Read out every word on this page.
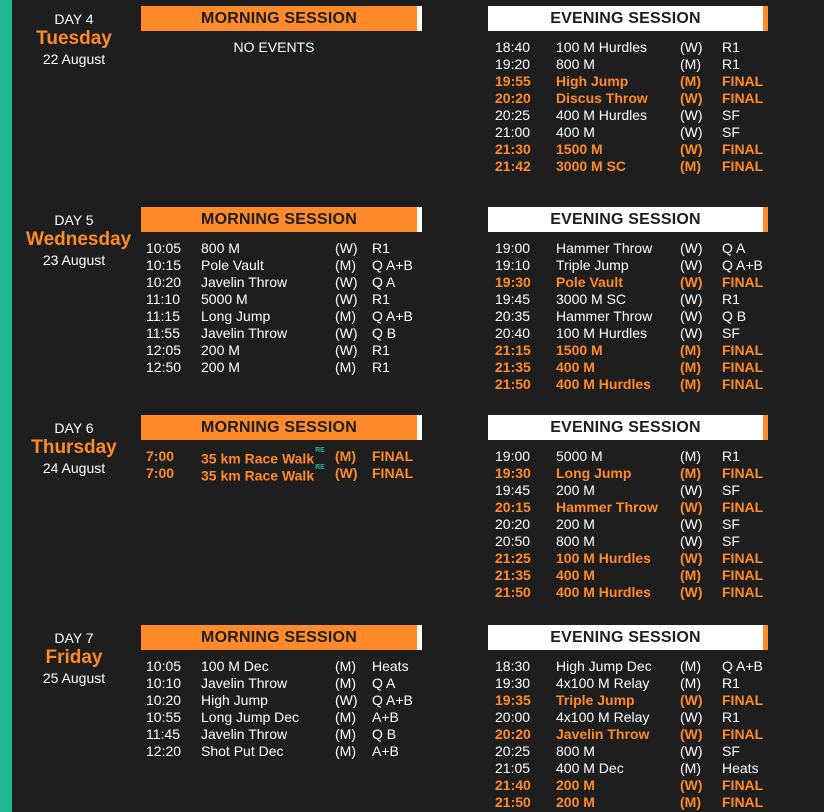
DAY 4
Tuesday
22 August
MORNING SESSION	EVENING SESSION
NO EVENTS	18:40 100 M Hurdles (W) R1
19:20 800 M	(M) R1
19:55 High Jump	(M) FINAL
20:20 Discus Throw (W) FINAL
20:25 400 M Hurdles (W) SF
21:00 400 M	(W) SF
21:30 1500 M	(W) FINAL
21:42 3000 M SC	(M) FINAL
DAY 5
Wednesday
23 August
MORNING SESSION	EVENING SESSION
10:05 800 M	(W) R1
10:15 Pole Vault	(M) Q A+B
10:20 Javelin Throw	(W) Q A
11:10 5000 M	(W) R1
11:15 Long Jump	(M) Q A+B
11:55 Javelin Throw	(W) Q B
12:05 200 M	(W) R1
12:50 200 M	(M) R1
19:00 Hammer Throw (W) Q A
19:10 Triple Jump	(W) Q A+B
19:30 Pole Vault	(W) FINAL
19:45 3000 M SC	(W) R1
20:35 Hammer Throw (W) Q B
20:40 100 M Hurdles (W) SF
21:15 1500 M	(M) FINAL
21:35 400 M	(M) FINAL
21:50 400 M Hurdles (M) FINAL
DAY 6
Thursday
24 August
MORNING SESSION	EVENING SESSION
7:00 35 km Race Walk$^{RE}$ (M) FINAL
7:00 35 km Race Walk$^{RE}$ (W) FINAL
19:00 5000 M	(M) R1
19:30 Long Jump	(M) FINAL
19:45 200 M	(W) SF
20:15 Hammer Throw (W) FINAL
20:20 200 M	(W) SF
20:50 800 M	(W) SF
21:25 100 M Hurdles (W) FINAL
21:35 400 M	(M) FINAL
21:50 400 M Hurdles (W) FINAL
DAY 7
Friday
25 August
MORNING SESSION	EVENING SESSION
10:05 100 M Dec	(M) Heats
10:10 Javelin Throw	(M) Q A
10:20 High Jump	(W) Q A+B
10:55 Long Jump Dec	(M) A+B
11:45 Javelin Throw	(M) Q B
12:20 Shot Put Dec	(M) A+B
18:30 High Jump Dec (M) Q A+B
19:30 4x100 M Relay (M) R1
19:35 Triple Jump	(W) FINAL
20:00 4x100 M Relay (W) R1
20:20 Javelin Throw (W) FINAL
20:25 800 M	(W) SF
21:05 400 M Dec	(M) Heats
21:40 200 M	(W) FINAL
21:50 200 M	(M) FINAL
